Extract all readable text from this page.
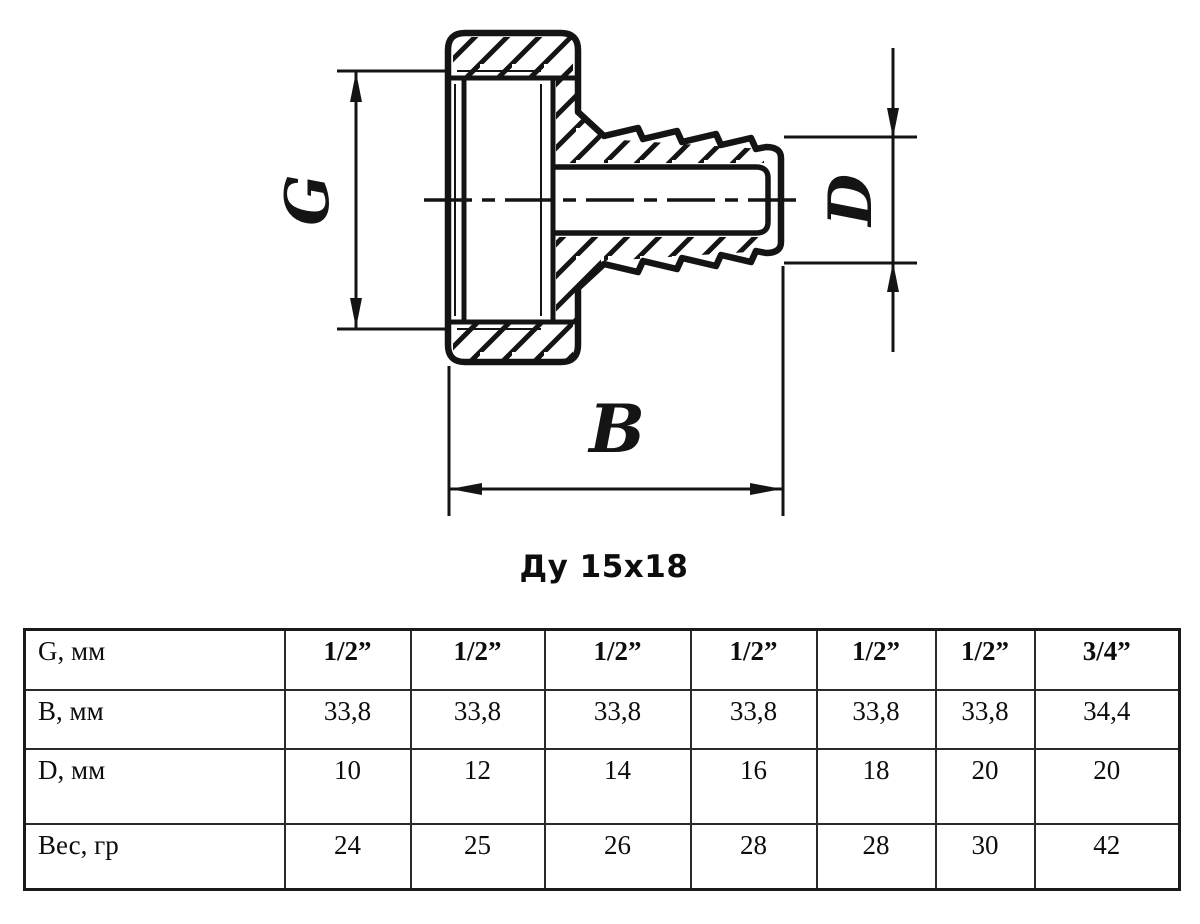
G	D
B
Ду 15x18
G, мм	1/2”	1/2”	1/2”	1/2”	1/2”	1/2”	3/4”
B, мм	33,8	33,8	33,8	33,8	33,8	33,8	34,4
D, мм	10	12	14	16	18	20	20
Вес, гр	24	25	26	28	28	30	42
